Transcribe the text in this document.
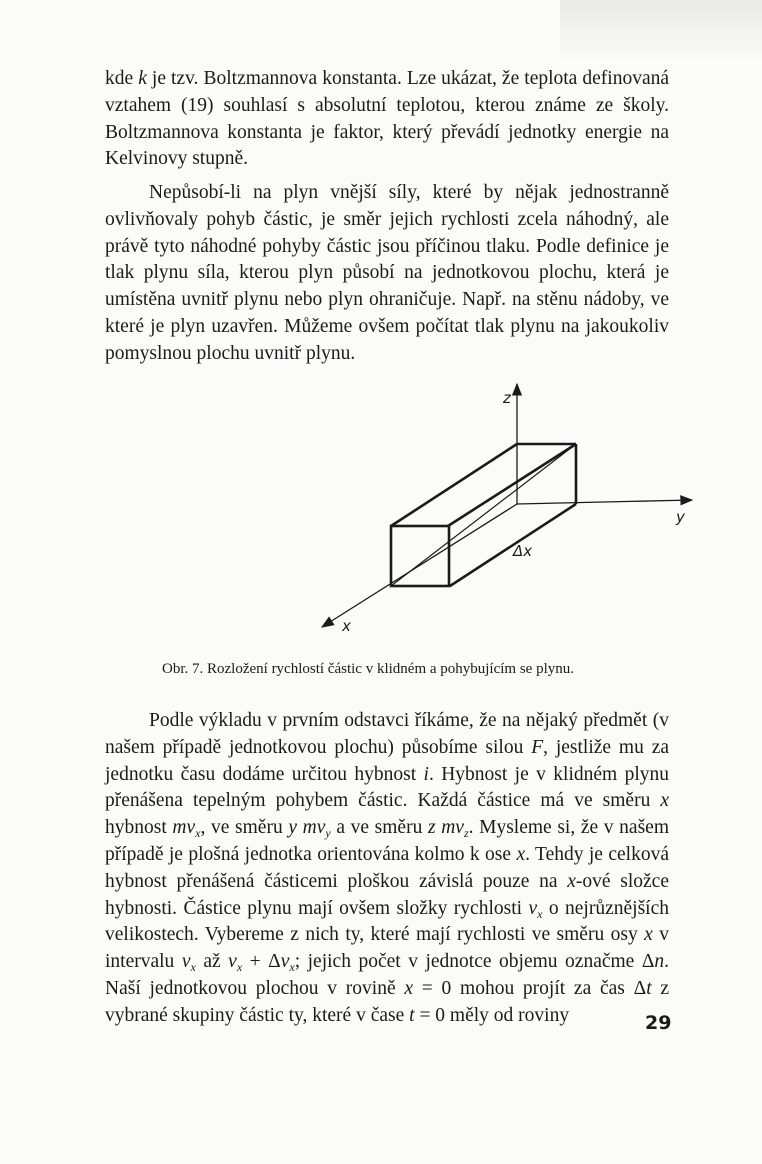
kde k je tzv. Boltzmannova konstanta. Lze ukázat, že teplota definovaná vztahem (19) souhlasí s absolutní teplotou, kterou známe ze školy. Boltzmannova konstanta je faktor, který převádí jednotky energie na Kelvinovy stupně.

Nepůsobí-li na plyn vnější síly, které by nějak jednostranně ovlivňovaly pohyb částic, je směr jejich rychlosti zcela náhodný, ale právě tyto náhodné pohyby částic jsou příčinou tlaku. Podle definice je tlak plynu síla, kterou plyn působí na jednotkovou plochu, která je umístěna uvnitř plynu nebo plyn ohraničuje. Např. na stěnu nádoby, ve které je plyn uzavřen. Můžeme ovšem počítat tlak plynu na jakoukoliv pomyslnou plochu uvnitř plynu.

z
y
x
Δx
Obr. 7. Rozložení rychlostí částic v klidném a pohybujícím se plynu.

Podle výkladu v prvním odstavci říkáme, že na nějaký předmět (v našem případě jednotkovou plochu) působíme silou F, jestliže mu za jednotku času dodáme určitou hybnost i. Hybnost je v klidném plynu přenášena tepelným pohybem částic. Každá částice má ve směru x hybnost $mv_x$, ve směru y $mv_y$ a ve směru z $mv_z$. Mysleme si, že v našem případě je plošná jednotka orientována kolmo k ose x. Tehdy je celková hybnost přenášená částicemi ploškou závislá pouze na x-ové složce hybnosti. Částice plynu mají ovšem složky rychlosti $v_x$ o nejrůznějších velikostech. Vybereme z nich ty, které mají rychlosti ve směru osy x v intervalu $v_x$ až $v_x + \Delta v_x$; jejich počet v jednotce objemu označme Δn. Naší jednotkovou plochou v rovině x = 0 mohou projít za čas Δt z vybrané skupiny částic ty, které v čase t = 0 měly od roviny	29
